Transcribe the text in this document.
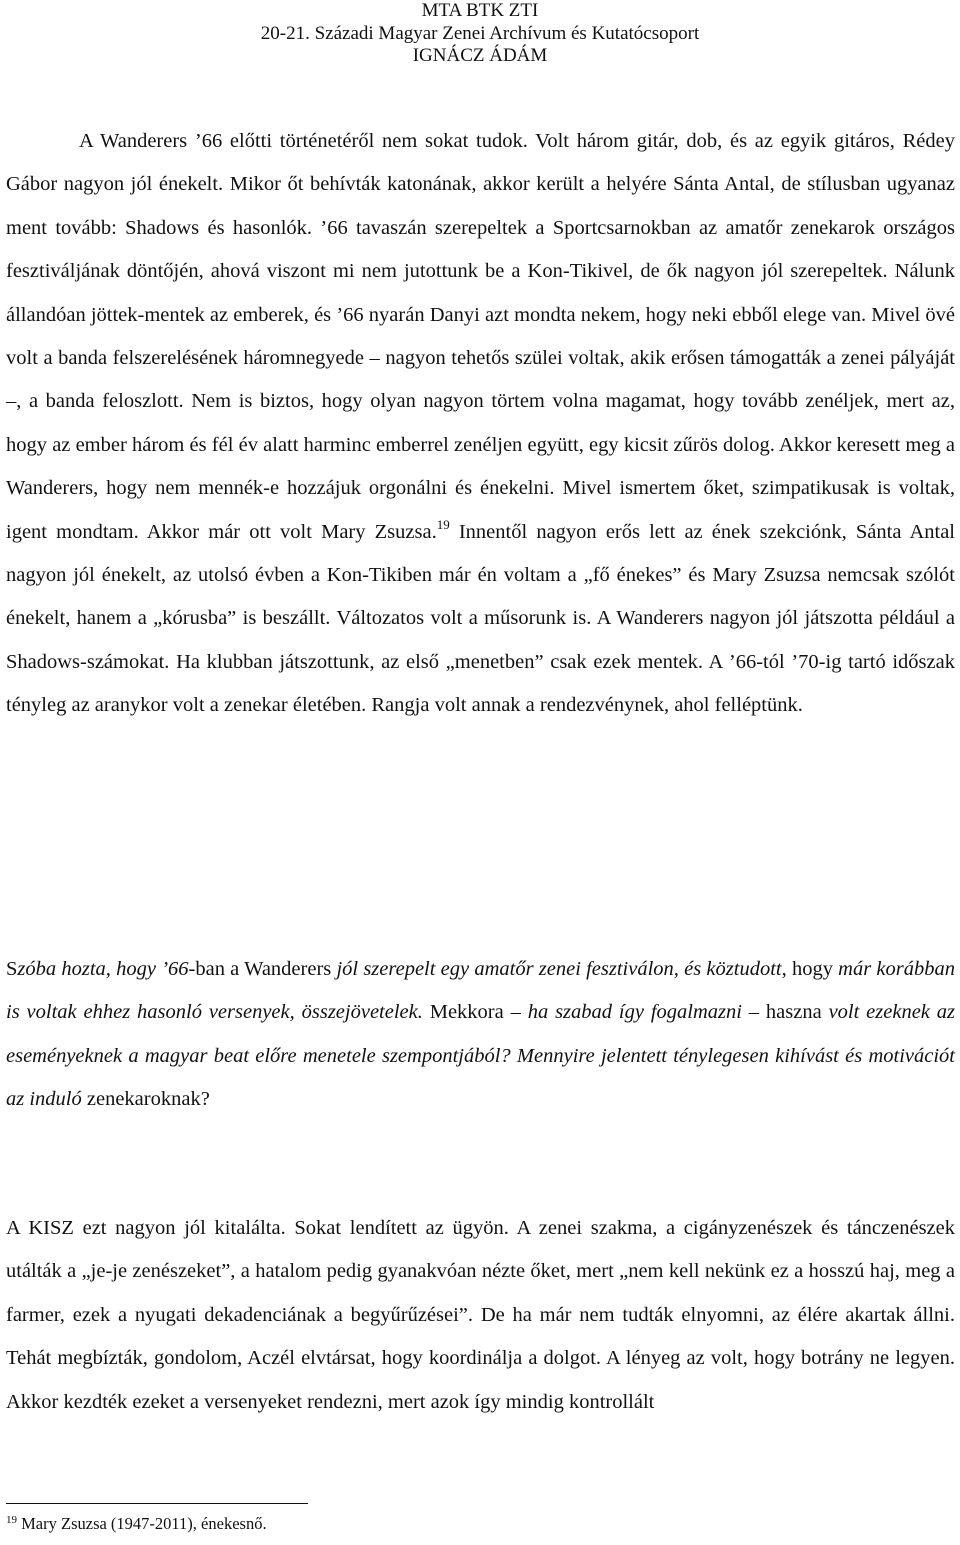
MTA BTK ZTI
20-21. Századi Magyar Zenei Archívum és Kutatócsoport
IGNÁCZ ÁDÁM

A Wanderers ’66 előtti történetéről nem sokat tudok. Volt három gitár, dob, és az egyik gitáros, Rédey Gábor nagyon jól énekelt. Mikor őt behívták katonának, akkor került a helyére Sánta Antal, de stílusban ugyanaz ment tovább: Shadows és hasonlók. ’66 tavaszán szerepeltek a Sportcsarnokban az amatőr zenekarok országos fesztiváljának döntőjén, ahová viszont mi nem jutottunk be a Kon-Tikivel, de ők nagyon jól szerepeltek. Nálunk állandóan jöttek-mentek az emberek, és ’66 nyarán Danyi azt mondta nekem, hogy neki ebből elege van. Mivel övé volt a banda felszerelésének háromnegyede – nagyon tehetős szülei voltak, akik erősen támogatták a zenei pályáját –, a banda feloszlott. Nem is biztos, hogy olyan nagyon törtem volna magamat, hogy tovább zenéljek, mert az, hogy az ember három és fél év alatt harminc emberrel zenéljen együtt, egy kicsit zűrös dolog. Akkor keresett meg a Wanderers, hogy nem mennék-e hozzájuk orgonálni és énekelni. Mivel ismertem őket, szimpatikusak is voltak, igent mondtam. Akkor már ott volt Mary Zsuzsa.$^{19}$ Innentől nagyon erős lett az ének szekciónk, Sánta Antal nagyon jól énekelt, az utolsó évben a Kon-Tikiben már én voltam a „fő énekes” és Mary Zsuzsa nemcsak szólót énekelt, hanem a „kórusba” is beszállt. Változatos volt a műsorunk is. A Wanderers nagyon jól játszotta például a Shadows-számokat. Ha klubban játszottunk, az első „menetben” csak ezek mentek. A ’66-tól ’70-ig tartó időszak tényleg az aranykor volt a zenekar életében. Rangja volt annak a rendezvénynek, ahol felléptünk.

Szóba hozta, hogy ’66-ban a Wanderers jól szerepelt egy amatőr zenei fesztiválon, és köztudott, hogy már korábban is voltak ehhez hasonló versenyek, összejövetelek. Mekkora – ha szabad így fogalmazni – haszna volt ezeknek az eseményeknek a magyar beat előre menetele szempontjából? Mennyire jelentett ténylegesen kihívást és motivációt az induló zenekaroknak?

A KISZ ezt nagyon jól kitalálta. Sokat lendített az ügyön. A zenei szakma, a cigányzenészek és tánczenészek utálták a „je-je zenészeket”, a hatalom pedig gyanakvóan nézte őket, mert „nem kell nekünk ez a hosszú haj, meg a farmer, ezek a nyugati dekadenciának a begyűrűzései”. De ha már nem tudták elnyomni, az élére akartak állni. Tehát megbízták, gondolom, Aczél elvtársat, hogy koordinálja a dolgot. A lényeg az volt, hogy botrány ne legyen. Akkor kezdték ezeket a versenyeket rendezni, mert azok így mindig kontrollált

$^{19}$ Mary Zsuzsa (1947-2011), énekesnő.
